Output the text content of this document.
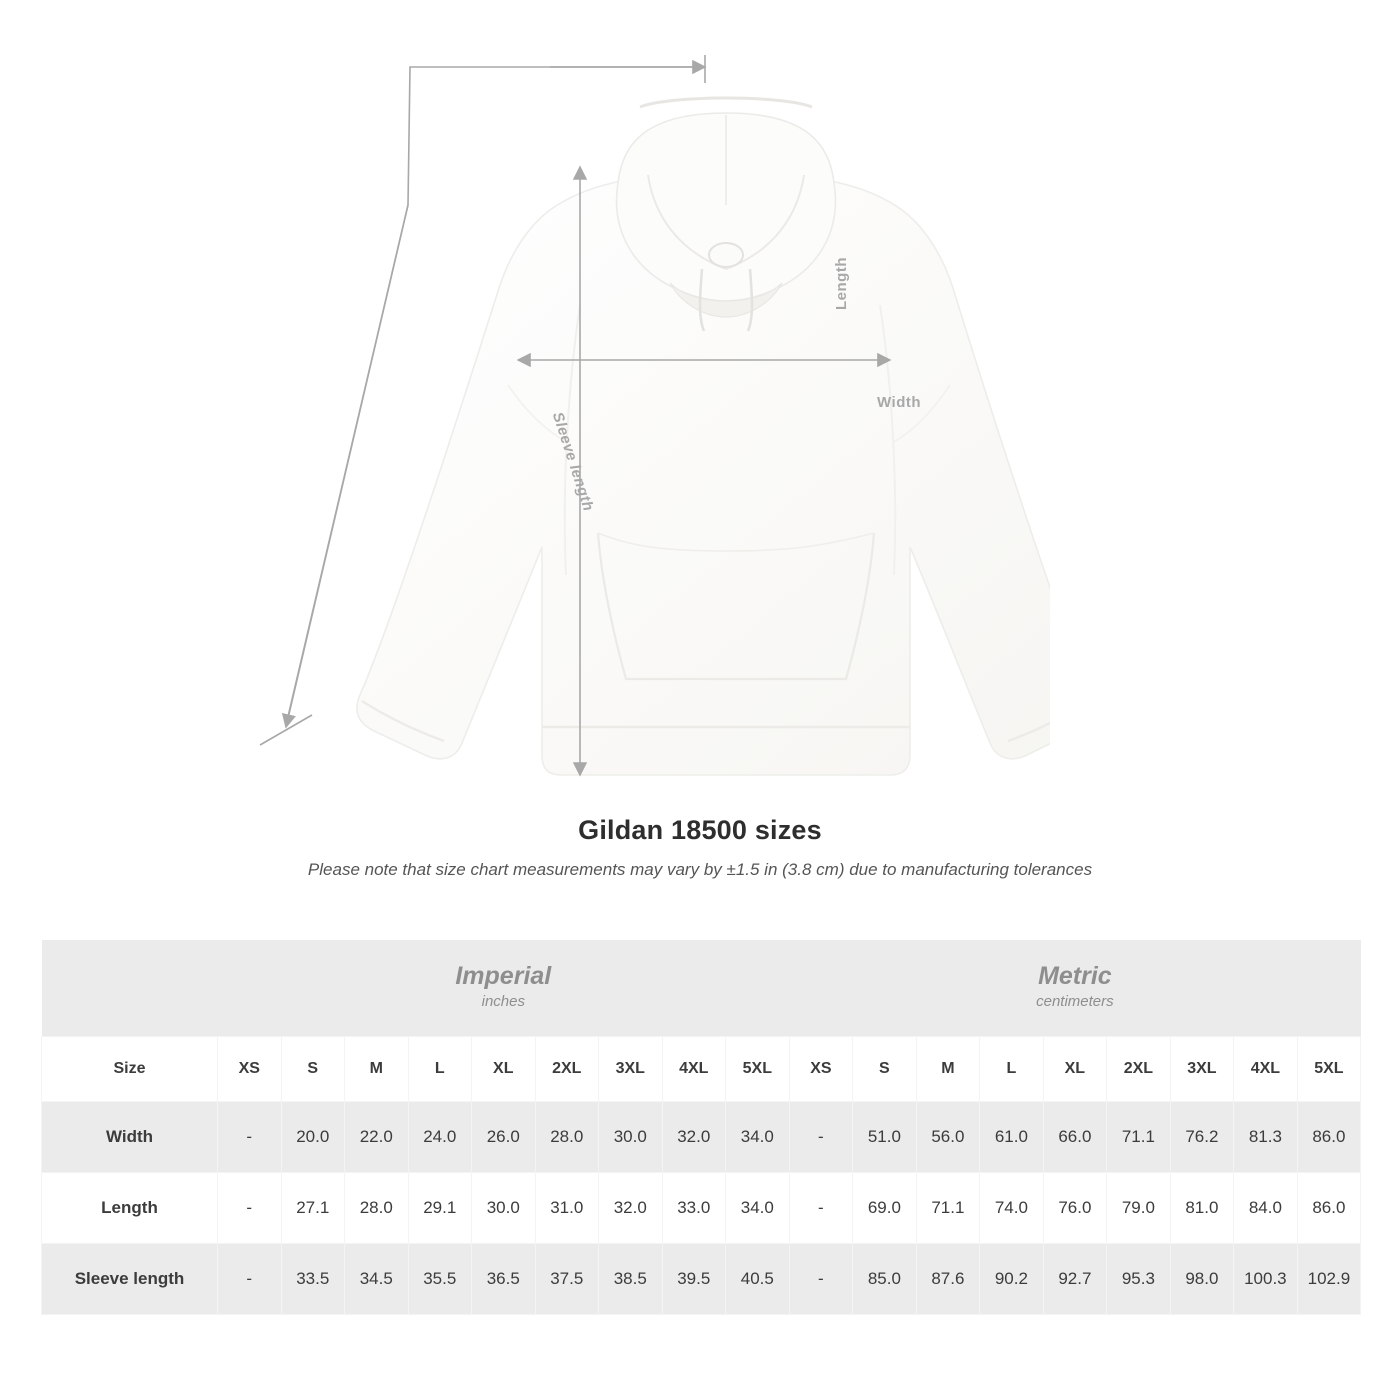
Length
Width
Sleeve length
Gildan 18500 sizes

Please note that size chart measurements may vary by ±1.5 in (3.8 cm) due to manufacturing tolerances

Imperial
inches

Metric
centimeters

Size	XS	S	M	L	XL	2XL	3XL	4XL	5XL	XS	S	M	L	XL	2XL	3XL	4XL	5XL
Width	-	20.0	22.0	24.0	26.0	28.0	30.0	32.0	34.0	-	51.0	56.0	61.0	66.0	71.1	76.2	81.3	86.0
Length	-	27.1	28.0	29.1	30.0	31.0	32.0	33.0	34.0	-	69.0	71.1	74.0	76.0	79.0	81.0	84.0	86.0
Sleeve length	-	33.5	34.5	35.5	36.5	37.5	38.5	39.5	40.5	-	85.0	87.6	90.2	92.7	95.3	98.0	100.3	102.9
